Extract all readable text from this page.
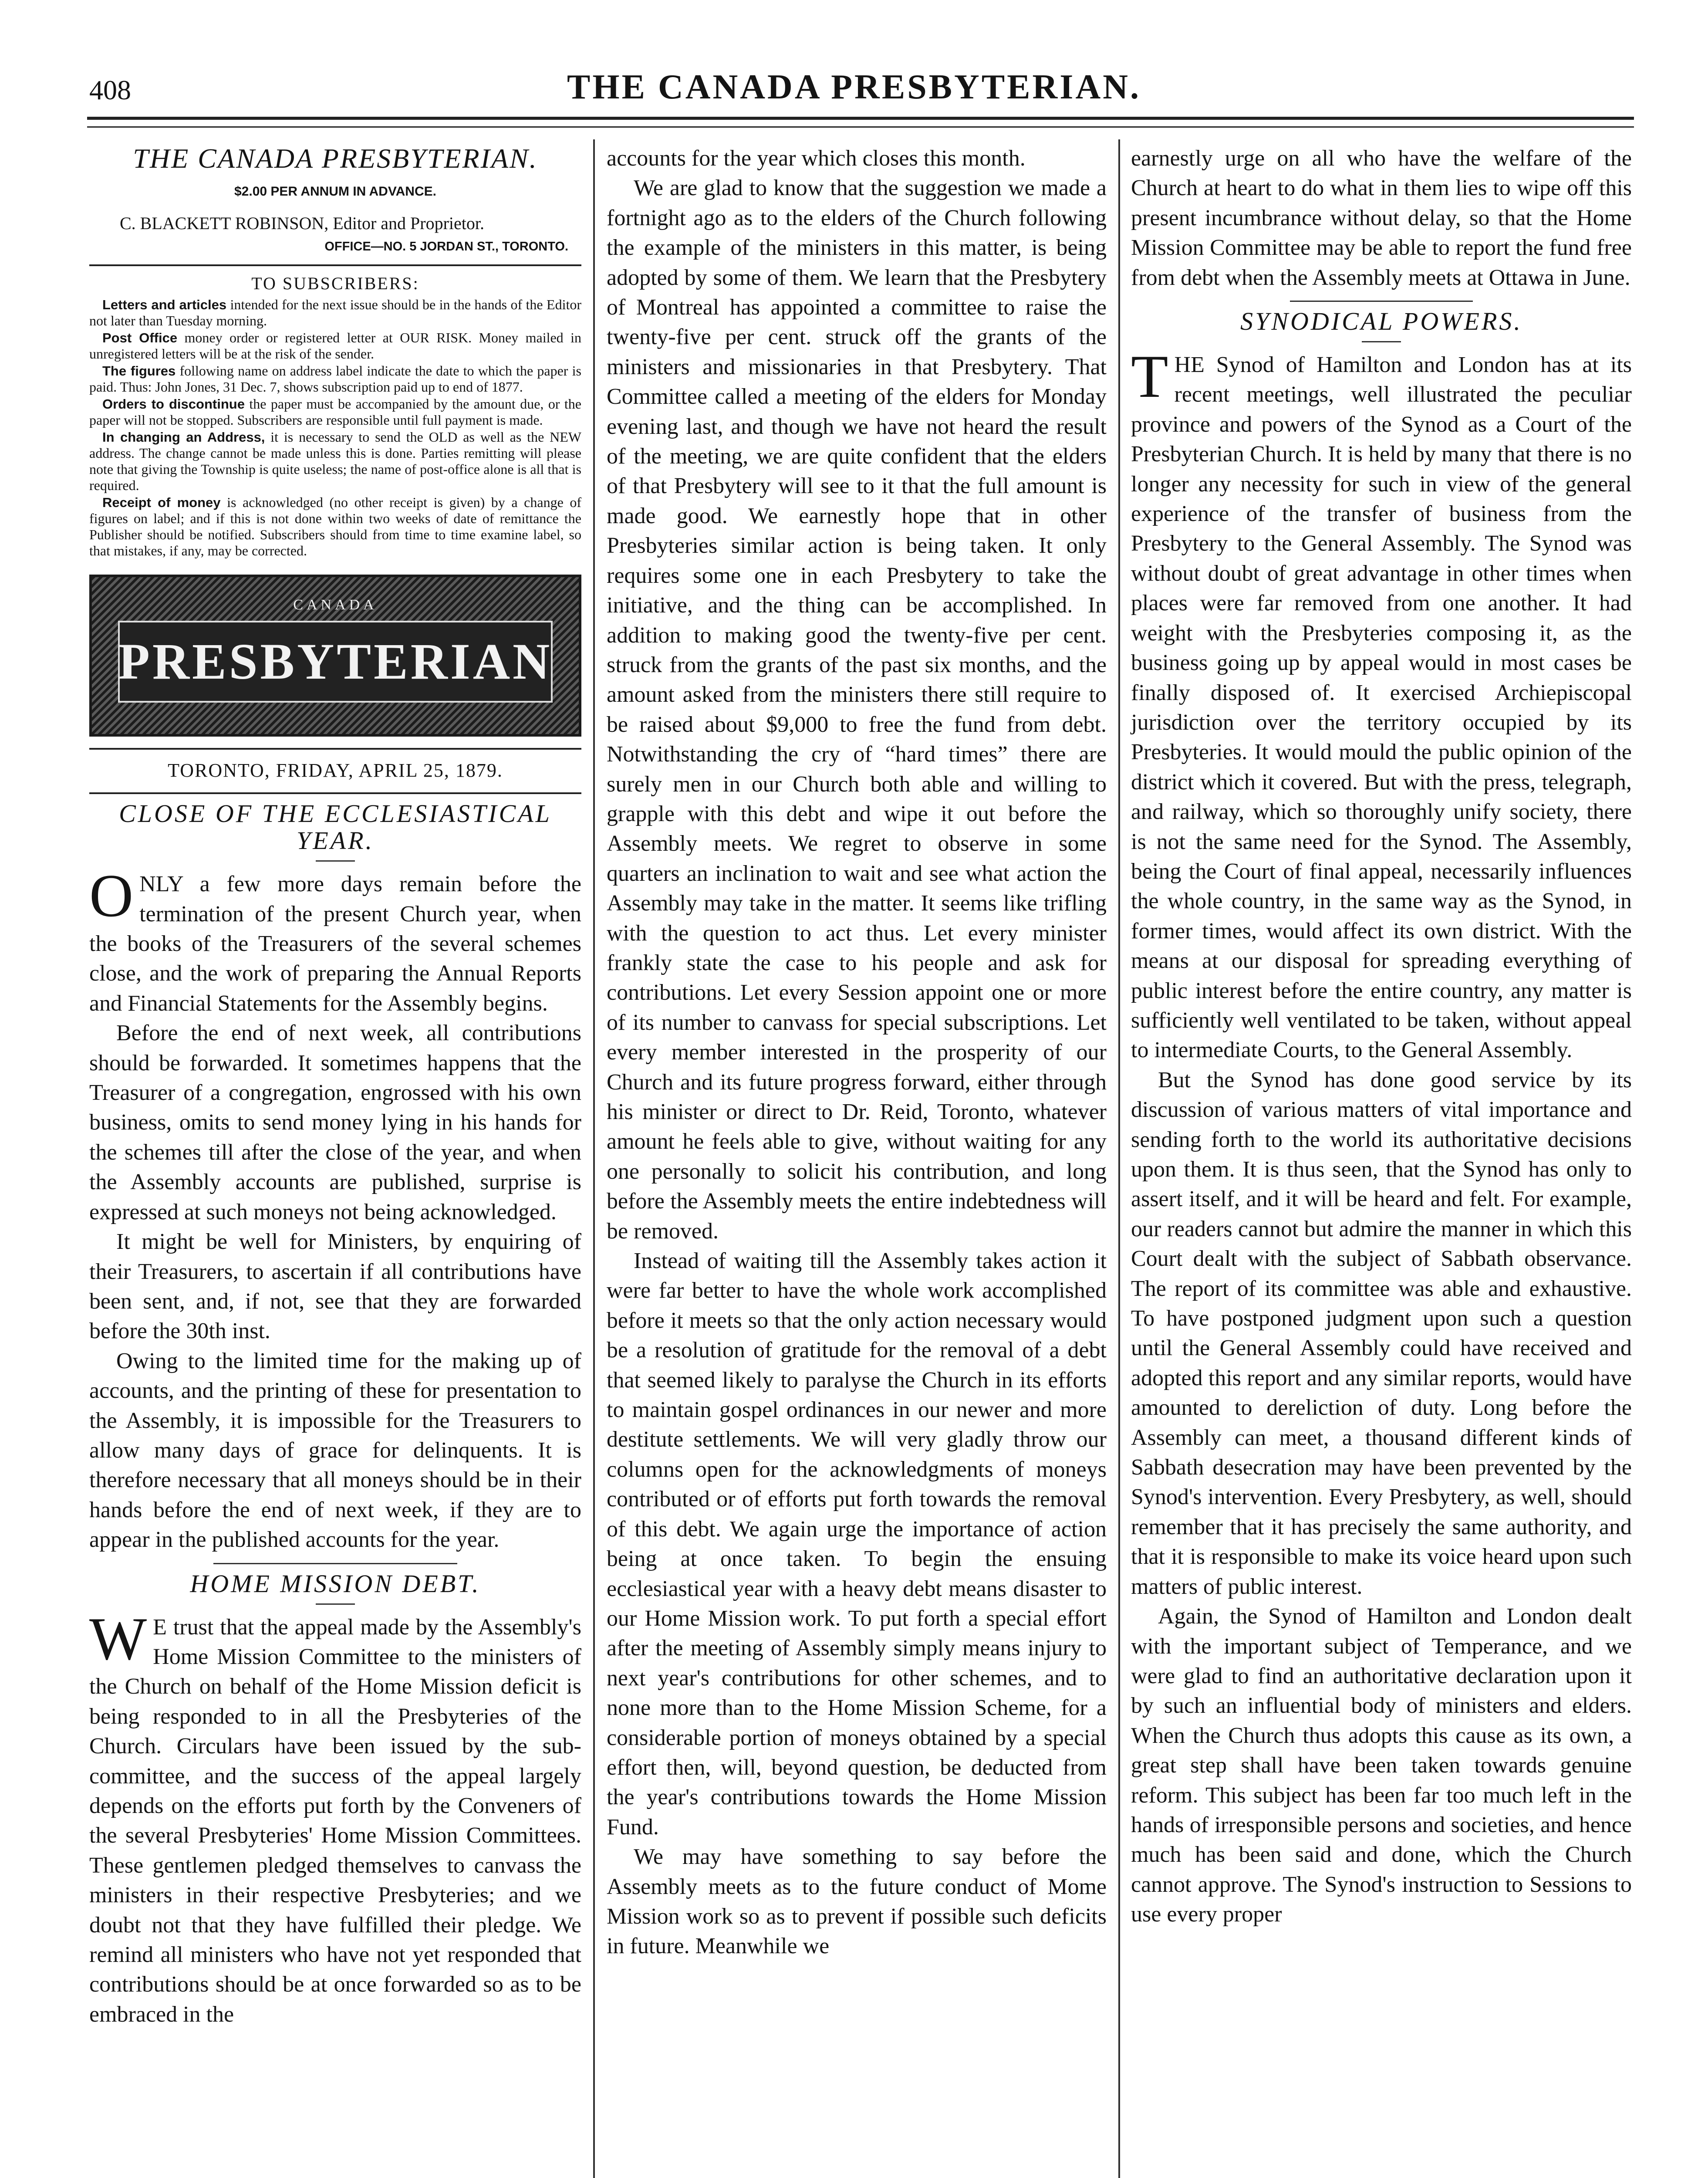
408	THE CANADA PRESBYTERIAN.
THE CANADA PRESBYTERIAN.
$2.00 PER ANNUM IN ADVANCE.
C. BLACKETT ROBINSON, Editor and Proprietor.
OFFICE—NO. 5 JORDAN ST., TORONTO.
TO SUBSCRIBERS:
Letters and articles intended for the next issue should be in the hands of the Editor not later than Tuesday morning.
Post Office money order or registered letter at OUR RISK. Money mailed in unregistered letters will be at the risk of the sender.
The figures following name on address label indicate the date to which the paper is paid. Thus: John Jones, 31 Dec. 7, shows subscription paid up to end of 1877.
Orders to discontinue the paper must be accompanied by the amount due, or the paper will not be stopped. Subscribers are responsible until full payment is made.
In changing an Address, it is necessary to send the OLD as well as the NEW address. The change cannot be made unless this is done. Parties remitting will please note that giving the Township is quite useless; the name of post-office alone is all that is required.
Receipt of money is acknowledged (no other receipt is given) by a change of figures on label; and if this is not done within two weeks of date of remittance the Publisher should be notified. Subscribers should from time to time examine label, so that mistakes, if any, may be corrected.
CANADA
PRESBYTERIAN
TORONTO, FRIDAY, APRIL 25, 1879.
CLOSE OF THE ECCLESIASTICAL YEAR.

ONLY a few more days remain before the termination of the present Church year, when the books of the Treasurers of the several schemes close, and the work of preparing the Annual Reports and Financial Statements for the Assembly begins.

Before the end of next week, all contributions should be forwarded. It sometimes happens that the Treasurer of a congregation, engrossed with his own business, omits to send money lying in his hands for the schemes till after the close of the year, and when the Assembly accounts are published, surprise is expressed at such moneys not being acknowledged.

It might be well for Ministers, by enquiring of their Treasurers, to ascertain if all contributions have been sent, and, if not, see that they are forwarded before the 30th inst.

Owing to the limited time for the making up of accounts, and the printing of these for presentation to the Assembly, it is impossible for the Treasurers to allow many days of grace for delinquents. It is therefore necessary that all moneys should be in their hands before the end of next week, if they are to appear in the published accounts for the year.

HOME MISSION DEBT.

W E trust that the appeal made by the Assembly's Home Mission Committee to the ministers of the Church on behalf of the Home Mission deficit is being responded to in all the Presbyteries of the Church. Circulars have been issued by the sub-committee, and the success of the appeal largely depends on the efforts put forth by the Conveners of the several Presbyteries' Home Mission Committees. These gentlemen pledged themselves to canvass the ministers in their respective Presbyteries; and we doubt not that they have fulfilled their pledge. We remind all ministers who have not yet responded that contributions should be at once forwarded so as to be embraced in the

accounts for the year which closes this month.

We are glad to know that the suggestion we made a fortnight ago as to the elders of the Church following the example of the ministers in this matter, is being adopted by some of them. We learn that the Presbytery of Montreal has appointed a committee to raise the twenty-five per cent. struck off the grants of the ministers and missionaries in that Presbytery. That Committee called a meeting of the elders for Monday evening last, and though we have not heard the result of the meeting, we are quite confident that the elders of that Presbytery will see to it that the full amount is made good. We earnestly hope that in other Presbyteries similar action is being taken. It only requires some one in each Presbytery to take the initiative, and the thing can be accomplished. In addition to making good the twenty-five per cent. struck from the grants of the past six months, and the amount asked from the ministers there still require to be raised about $9,000 to free the fund from debt. Notwithstanding the cry of “hard times” there are surely men in our Church both able and willing to grapple with this debt and wipe it out before the Assembly meets. We regret to observe in some quarters an inclination to wait and see what action the Assembly may take in the matter. It seems like trifling with the question to act thus. Let every minister frankly state the case to his people and ask for contributions. Let every Session appoint one or more of its number to canvass for special subscriptions. Let every member interested in the prosperity of our Church and its future progress forward, either through his minister or direct to Dr. Reid, Toronto, whatever amount he feels able to give, without waiting for any one personally to solicit his contribution, and long before the Assembly meets the entire indebtedness will be removed.

Instead of waiting till the Assembly takes action it were far better to have the whole work accomplished before it meets so that the only action necessary would be a resolution of gratitude for the removal of a debt that seemed likely to paralyse the Church in its efforts to maintain gospel ordinances in our newer and more destitute settlements. We will very gladly throw our columns open for the acknowledgments of moneys contributed or of efforts put forth towards the removal of this debt. We again urge the importance of action being at once taken. To begin the ensuing ecclesiastical year with a heavy debt means disaster to our Home Mission work. To put forth a special effort after the meeting of Assembly simply means injury to next year's contributions for other schemes, and to none more than to the Home Mission Scheme, for a considerable portion of moneys obtained by a special effort then, will, beyond question, be deducted from the year's contributions towards the Home Mission Fund.

We may have something to say before the Assembly meets as to the future conduct of Mome Mission work so as to prevent if possible such deficits in future. Meanwhile we

earnestly urge on all who have the welfare of the Church at heart to do what in them lies to wipe off this present incumbrance without delay, so that the Home Mission Committee may be able to report the fund free from debt when the Assembly meets at Ottawa in June.

SYNODICAL POWERS.

THE Synod of Hamilton and London has at its recent meetings, well illustrated the peculiar province and powers of the Synod as a Court of the Presbyterian Church. It is held by many that there is no longer any necessity for such in view of the general experience of the transfer of business from the Presbytery to the General Assembly. The Synod was without doubt of great advantage in other times when places were far removed from one another. It had weight with the Presbyteries composing it, as the business going up by appeal would in most cases be finally disposed of. It exercised Archiepiscopal jurisdiction over the territory occupied by its Presbyteries. It would mould the public opinion of the district which it covered. But with the press, telegraph, and railway, which so thoroughly unify society, there is not the same need for the Synod. The Assembly, being the Court of final appeal, necessarily influences the whole country, in the same way as the Synod, in former times, would affect its own district. With the means at our disposal for spreading everything of public interest before the entire country, any matter is sufficiently well ventilated to be taken, without appeal to intermediate Courts, to the General Assembly.

But the Synod has done good service by its discussion of various matters of vital importance and sending forth to the world its authoritative decisions upon them. It is thus seen, that the Synod has only to assert itself, and it will be heard and felt. For example, our readers cannot but admire the manner in which this Court dealt with the subject of Sabbath observance. The report of its committee was able and exhaustive. To have postponed judgment upon such a question until the General Assembly could have received and adopted this report and any similar reports, would have amounted to dereliction of duty. Long before the Assembly can meet, a thousand different kinds of Sabbath desecration may have been prevented by the Synod's intervention. Every Presbytery, as well, should remember that it has precisely the same authority, and that it is responsible to make its voice heard upon such matters of public interest.

Again, the Synod of Hamilton and London dealt with the important subject of Temperance, and we were glad to find an authoritative declaration upon it by such an influential body of ministers and elders. When the Church thus adopts this cause as its own, a great step shall have been taken towards genuine reform. This subject has been far too much left in the hands of irresponsible persons and societies, and hence much has been said and done, which the Church cannot approve. The Synod's instruction to Sessions to use every proper
